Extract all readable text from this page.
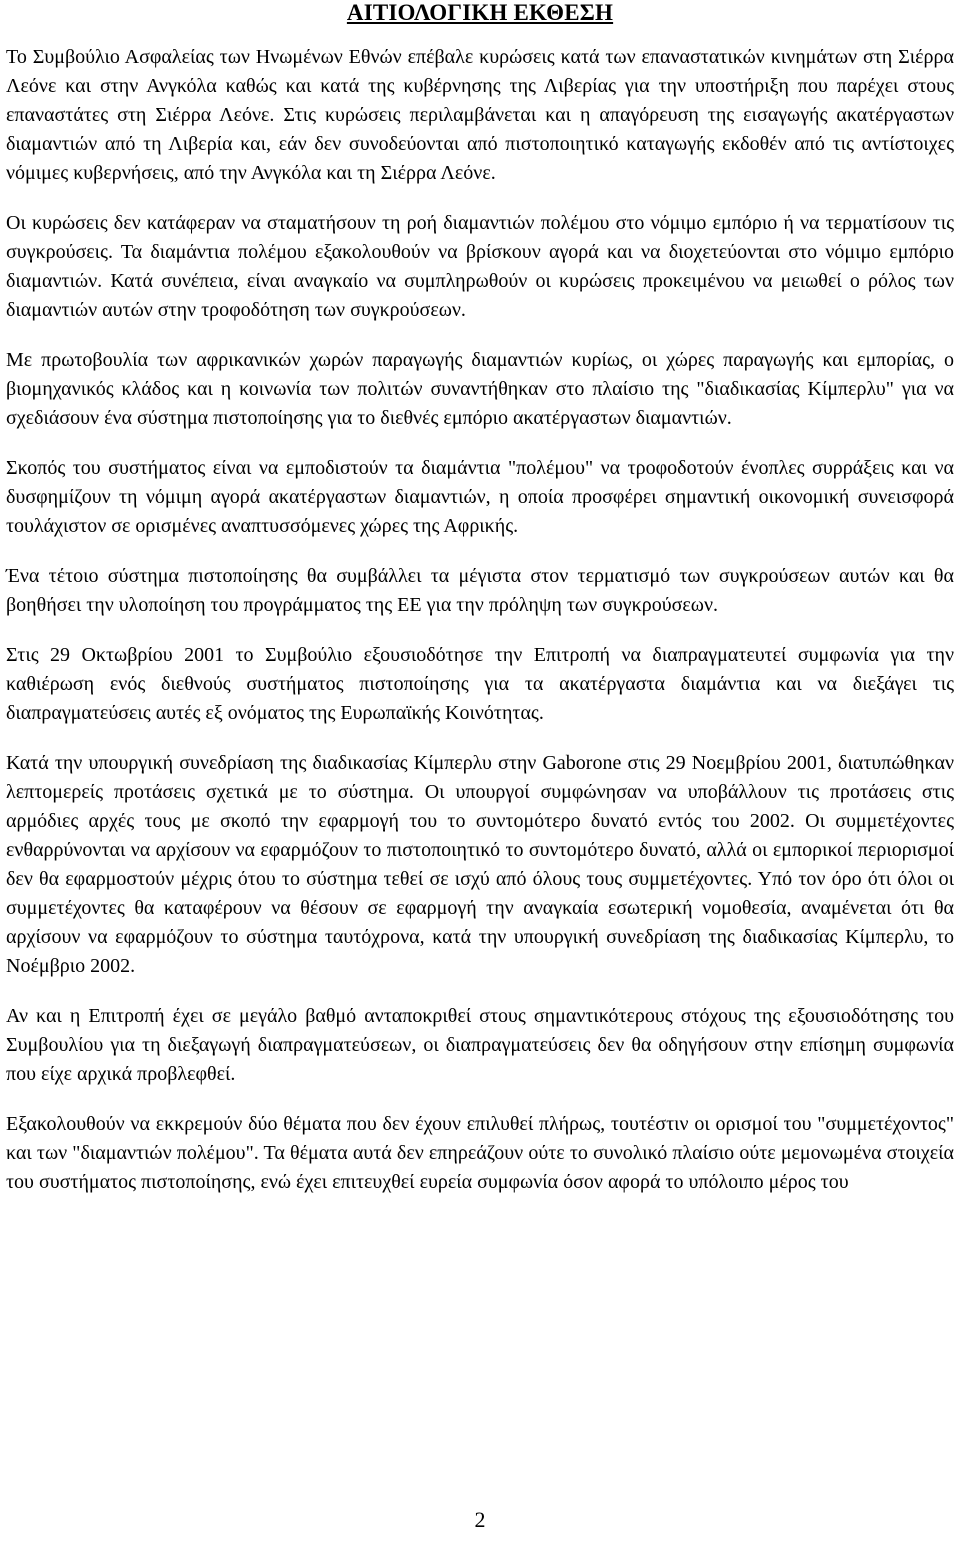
ΑΙΤΙΟΛΟΓΙΚΗ ΕΚΘΕΣΗ

Το Συμβούλιο Ασφαλείας των Ηνωμένων Εθνών επέβαλε κυρώσεις κατά των επαναστατικών κινημάτων στη Σιέρρα Λεόνε και στην Ανγκόλα καθώς και κατά της κυβέρνησης της Λιβερίας για την υποστήριξη που παρέχει στους επαναστάτες στη Σιέρρα Λεόνε. Στις κυρώσεις περιλαμβάνεται και η απαγόρευση της εισαγωγής ακατέργαστων διαμαντιών από τη Λιβερία και, εάν δεν συνοδεύονται από πιστοποιητικό καταγωγής εκδοθέν από τις αντίστοιχες νόμιμες κυβερνήσεις, από την Ανγκόλα και τη Σιέρρα Λεόνε.

Οι κυρώσεις δεν κατάφεραν να σταματήσουν τη ροή διαμαντιών πολέμου στο νόμιμο εμπόριο ή να τερματίσουν τις συγκρούσεις. Τα διαμάντια πολέμου εξακολουθούν να βρίσκουν αγορά και να διοχετεύονται στο νόμιμο εμπόριο διαμαντιών. Κατά συνέπεια, είναι αναγκαίο να συμπληρωθούν οι κυρώσεις προκειμένου να μειωθεί ο ρόλος των διαμαντιών αυτών στην τροφοδότηση των συγκρούσεων.

Με πρωτοβουλία των αφρικανικών χωρών παραγωγής διαμαντιών κυρίως, οι χώρες παραγωγής και εμπορίας, ο βιομηχανικός κλάδος και η κοινωνία των πολιτών συναντήθηκαν στο πλαίσιο της "διαδικασίας Κίμπερλυ" για να σχεδιάσουν ένα σύστημα πιστοποίησης για το διεθνές εμπόριο ακατέργαστων διαμαντιών.

Σκοπός του συστήματος είναι να εμποδιστούν τα διαμάντια "πολέμου" να τροφοδοτούν ένοπλες συρράξεις και να δυσφημίζουν τη νόμιμη αγορά ακατέργαστων διαμαντιών, η οποία προσφέρει σημαντική οικονομική συνεισφορά τουλάχιστον σε ορισμένες αναπτυσσόμενες χώρες της Αφρικής.

Ένα τέτοιο σύστημα πιστοποίησης θα συμβάλλει τα μέγιστα στον τερματισμό των συγκρούσεων αυτών και θα βοηθήσει την υλοποίηση του προγράμματος της ΕΕ για την πρόληψη των συγκρούσεων.

Στις 29 Οκτωβρίου 2001 το Συμβούλιο εξουσιοδότησε την Επιτροπή να διαπραγματευτεί συμφωνία για την καθιέρωση ενός διεθνούς συστήματος πιστοποίησης για τα ακατέργαστα διαμάντια και να διεξάγει τις διαπραγματεύσεις αυτές εξ ονόματος της Ευρωπαϊκής Κοινότητας.

Κατά την υπουργική συνεδρίαση της διαδικασίας Κίμπερλυ στην Gaborone στις 29 Νοεμβρίου 2001, διατυπώθηκαν λεπτομερείς προτάσεις σχετικά με το σύστημα. Οι υπουργοί συμφώνησαν να υποβάλλουν τις προτάσεις στις αρμόδιες αρχές τους με σκοπό την εφαρμογή του το συντομότερο δυνατό εντός του 2002. Οι συμμετέχοντες ενθαρρύνονται να αρχίσουν να εφαρμόζουν το πιστοποιητικό το συντομότερο δυνατό, αλλά οι εμπορικοί περιορισμοί δεν θα εφαρμοστούν μέχρις ότου το σύστημα τεθεί σε ισχύ από όλους τους συμμετέχοντες. Υπό τον όρο ότι όλοι οι συμμετέχοντες θα καταφέρουν να θέσουν σε εφαρμογή την αναγκαία εσωτερική νομοθεσία, αναμένεται ότι θα αρχίσουν να εφαρμόζουν το σύστημα ταυτόχρονα, κατά την υπουργική συνεδρίαση της διαδικασίας Κίμπερλυ, το Νοέμβριο 2002.

Αν και η Επιτροπή έχει σε μεγάλο βαθμό ανταποκριθεί στους σημαντικότερους στόχους της εξουσιοδότησης του Συμβουλίου για τη διεξαγωγή διαπραγματεύσεων, οι διαπραγματεύσεις δεν θα οδηγήσουν στην επίσημη συμφωνία που είχε αρχικά προβλεφθεί.

Εξακολουθούν να εκκρεμούν δύο θέματα που δεν έχουν επιλυθεί πλήρως, τουτέστιν οι ορισμοί του "συμμετέχοντος" και των "διαμαντιών πολέμου". Τα θέματα αυτά δεν επηρεάζουν ούτε το συνολικό πλαίσιο ούτε μεμονωμένα στοιχεία του συστήματος πιστοποίησης, ενώ έχει επιτευχθεί ευρεία συμφωνία όσον αφορά το υπόλοιπο μέρος του

2
